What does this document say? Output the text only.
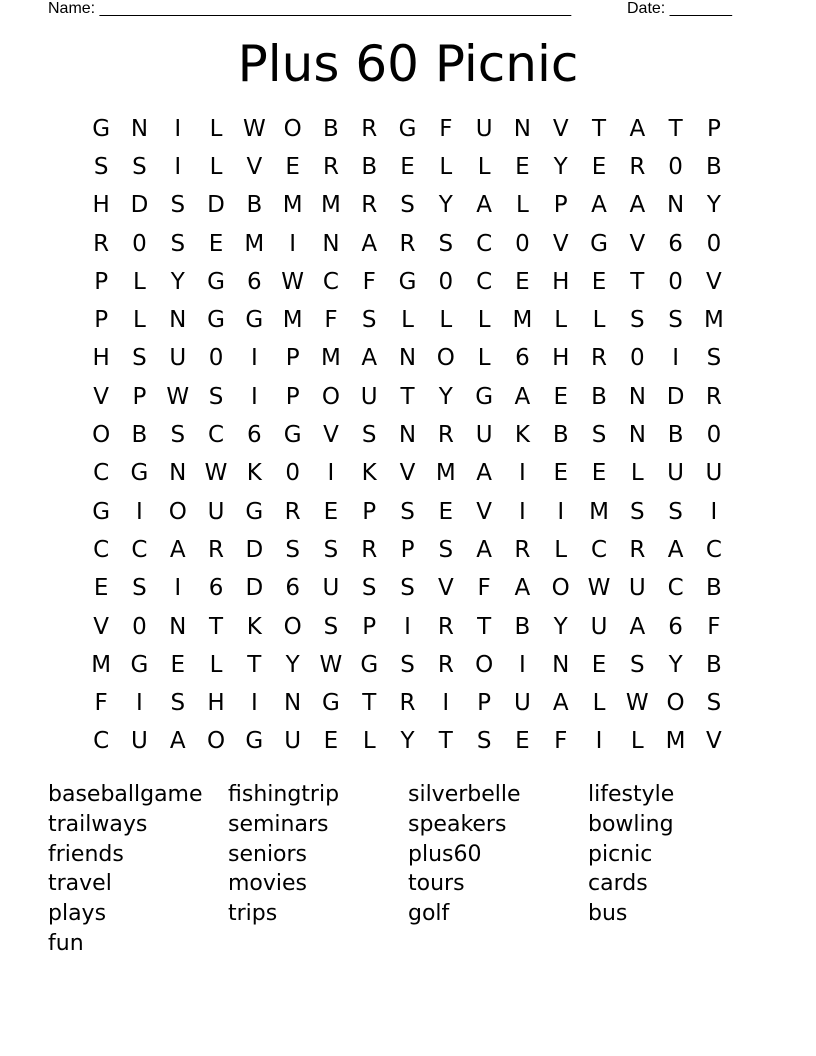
Name: _____________________________________________________	Date: _______
Plus 60 Picnic
G N	I	L W O B R G F	U N V	T	A	T	P
S	S	I	L	V	E	R B	E	L	L	E	Y	E	R 0	B
H D S D B M M R	S	Y	A	L	P	A A N Y
R 0	S	E M	I	N A R	S C 0	V G V	6	0
P	L	Y G 6 W C	F G 0 C	E H E	T	0	V
P	L	N G G M F	S	L	L	L M L	L	S	S M
H S U 0	I	P M A N O L	6 H R 0	I	S
V	P W S	I	P O U T	Y G A	E	B N D R
O B	S C 6 G V	S N R U K B	S N B	0
C G N W K	0	I	K V M A	I	E	E	L	U U
G	I	O U G R	E	P	S	E	V	I	I	M S	S	I
C C A R D S	S	R	P	S	A R	L	C R A C
E	S	I	6 D 6 U S	S	V	F	A O W U C B
V	0 N T	K O S	P	I	R	T	B	Y U A	6	F
M G E	L	T	Y W G S	R O	I	N E	S	Y	B
F	I	S H	I	N G T	R	I	P U A	L W O S
C U A O G U E	L	Y	T	S	E	F	I	L M V
baseballgame	fishingtrip	silverbelle	lifestyle
trailways	seminars	speakers	bowling
friends	seniors	plus60	picnic
travel	movies	tours	cards
plays	trips	golf	bus
fun
